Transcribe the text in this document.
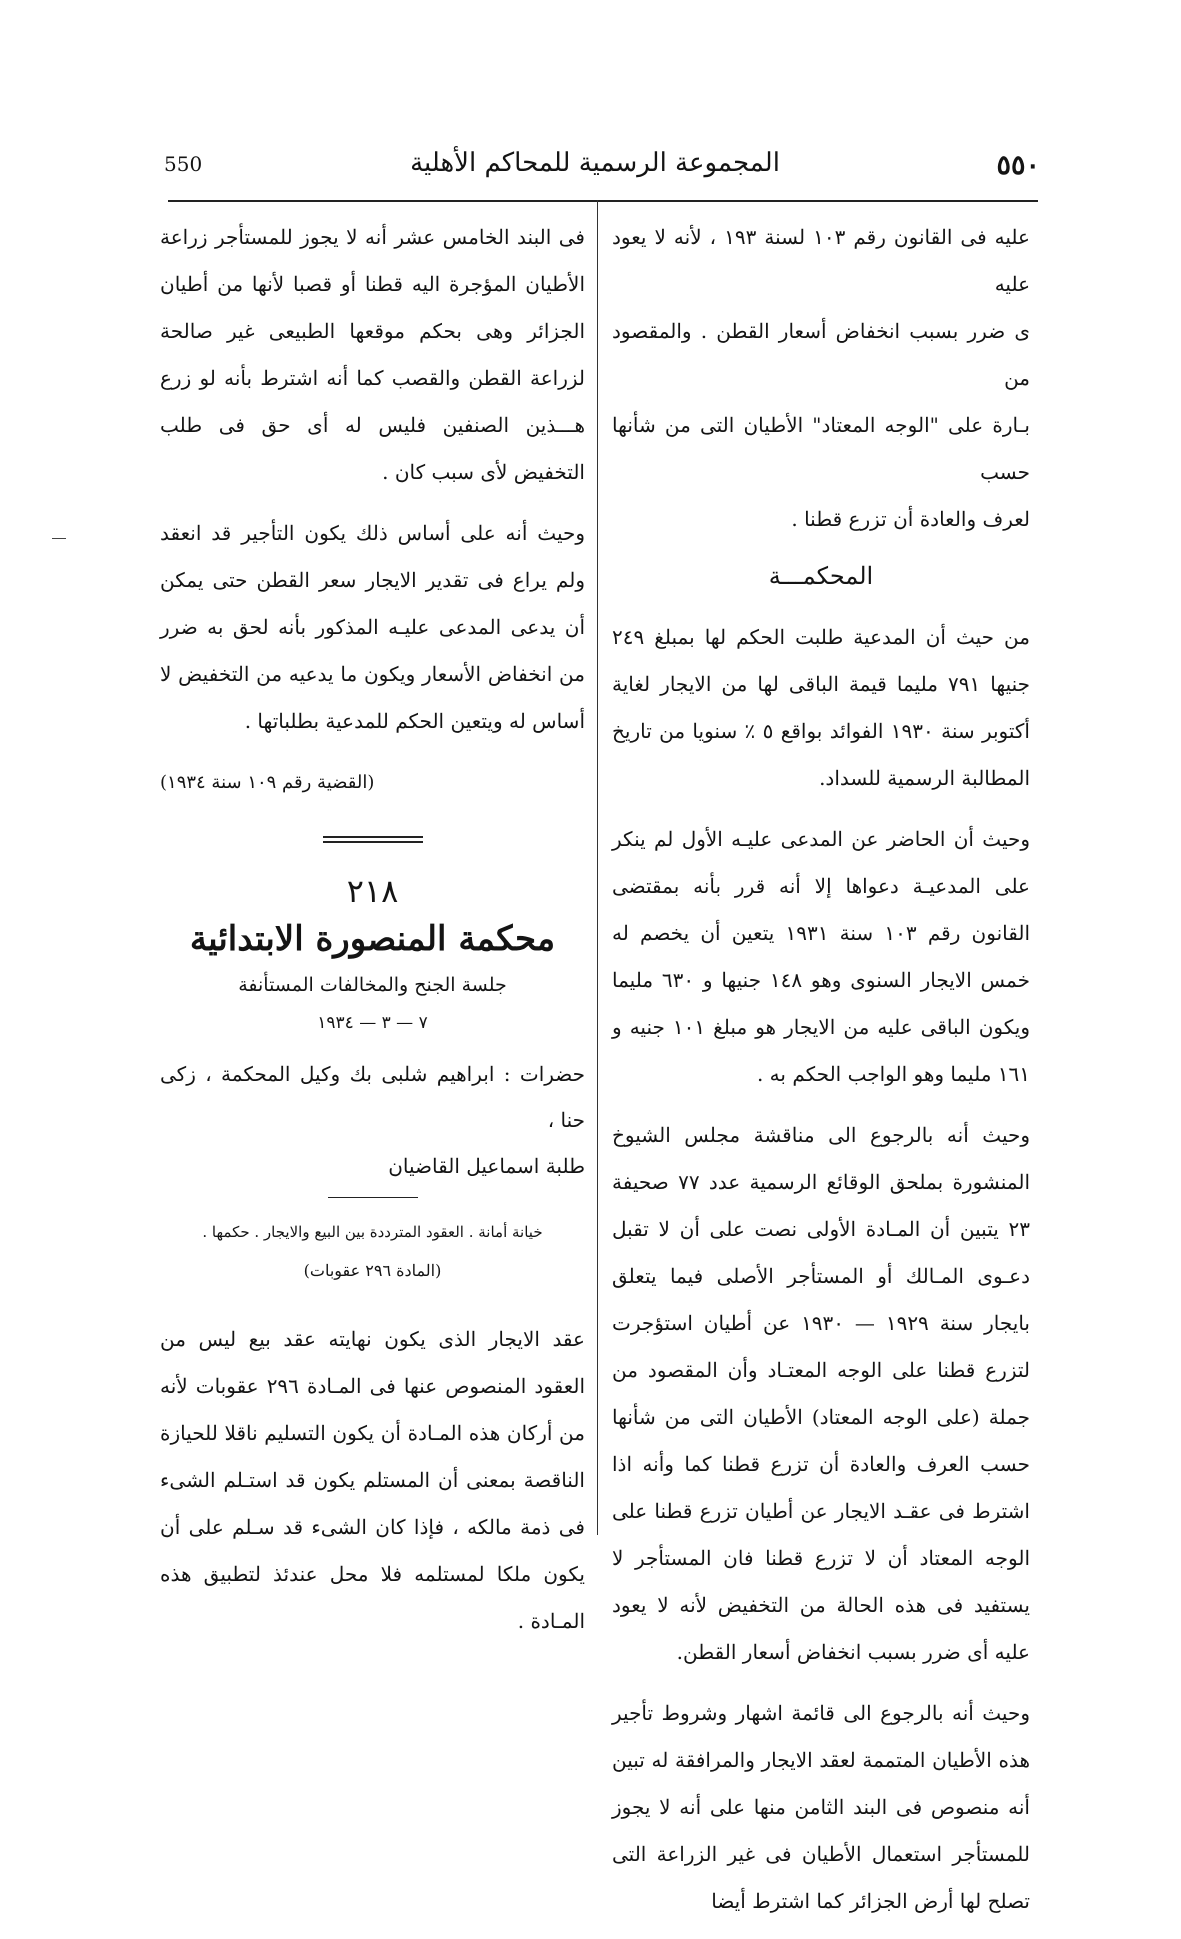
550	المجموعة الرسمية للمحاكم الأهلية	٥٥٠
عليه فى القانون رقم ١٠٣ لسنة ١٩٣ ، لأنه لا يعود عليه
ى ضرر بسبب انخفاض أسعار القطن . والمقصود من
بـارة على "الوجه المعتاد" الأطيان التى من شأنها حسب
لعرف والعادة أن تزرع قطنا .
المحكمـــة

من حيث أن المدعية طلبت الحكم لها بمبلغ ٢٤٩ جنيها ٧٩١ مليما قيمة الباقى لها من الايجار لغاية أكتوبر سنة ١٩٣٠ الفوائد بواقع ٥ ٪ سنويا من تاريخ المطالبة الرسمية للسداد.

وحيث أن الحاضر عن المدعى عليـه الأول لم ينكر على المدعيـة دعواها إلا أنه قرر بأنه بمقتضى القانون رقم ١٠٣ سنة ١٩٣١ يتعين أن يخصم له خمس الايجار السنوى وهو ١٤٨ جنيها و ٦٣٠ مليما ويكون الباقى عليه من الايجار هو مبلغ ١٠١ جنيه و ١٦١ مليما وهو الواجب الحكم به .

وحيث أنه بالرجوع الى مناقشة مجلس الشيوخ المنشورة بملحق الوقائع الرسمية عدد ٧٧ صحيفة ٢٣ يتبين أن المـادة الأولى نصت على أن لا تقبل دعـوى المـالك أو المستأجر الأصلى فيما يتعلق بايجار سنة ١٩٢٩ — ١٩٣٠ عن أطيان استؤجرت لتزرع قطنا على الوجه المعتـاد وأن المقصود من جملة (على الوجه المعتاد) الأطيان التى من شأنها حسب العرف والعادة أن تزرع قطنا كما وأنه اذا اشترط فى عقـد الايجار عن أطيان تزرع قطنا على الوجه المعتاد أن لا تزرع قطنا فان المستأجر لا يستفيد فى هذه الحالة من التخفيض لأنه لا يعود عليه أى ضرر بسبب انخفاض أسعار القطن.

وحيث أنه بالرجوع الى قائمة اشهار وشروط تأجير هذه الأطيان المتممة لعقد الايجار والمرافقة له تبين أنه منصوص فى البند الثامن منها على أنه لا يجوز للمستأجر استعمال الأطيان فى غير الزراعة التى تصلح لها أرض الجزائر كما اشترط أيضا

فى البند الخامس عشر أنه لا يجوز للمستأجر زراعة الأطيان المؤجرة اليه قطنا أو قصبا لأنها من أطيان الجزائر وهى بحكم موقعها الطبيعى غير صالحة لزراعة القطن والقصب كما أنه اشترط بأنه لو زرع هـــذين الصنفين فليس له أى حق فى طلب التخفيض لأى سبب كان .

وحيث أنه على أساس ذلك يكون التأجير قد انعقد ولم يراع فى تقدير الايجار سعر القطن حتى يمكن أن يدعى المدعى عليـه المذكور بأنه لحق به ضرر من انخفاض الأسعار ويكون ما يدعيه من التخفيض لا أساس له ويتعين الحكم للمدعية بطلباتها .

(القضية رقم ١٠٩ سنة ١٩٣٤)
٢١٨
محكمة المنصورة الابتدائية
جلسة الجنح والمخالفات المستأنفة
٧ — ٣ — ١٩٣٤
حضرات : ابراهيم شلبى بك وكيل المحكمة ، زكى حنا ،
طلبة اسماعيل القاضيان
خيانة أمانة . العقود المترددة بين البيع والايجار . حكمها .
(المادة ٢٩٦ عقوبات)

عقد الايجار الذى يكون نهايته عقد بيع ليس من العقود المنصوص عنها فى المـادة ٢٩٦ عقوبات لأنه من أركان هذه المـادة أن يكون التسليم ناقلا للحيازة الناقصة بمعنى أن المستلم يكون قد استـلم الشىء فى ذمة مالكه ، فإذا كان الشىء قد سـلم على أن يكون ملكا لمستلمه فلا محل عندئذ لتطبيق هذه المـادة .
